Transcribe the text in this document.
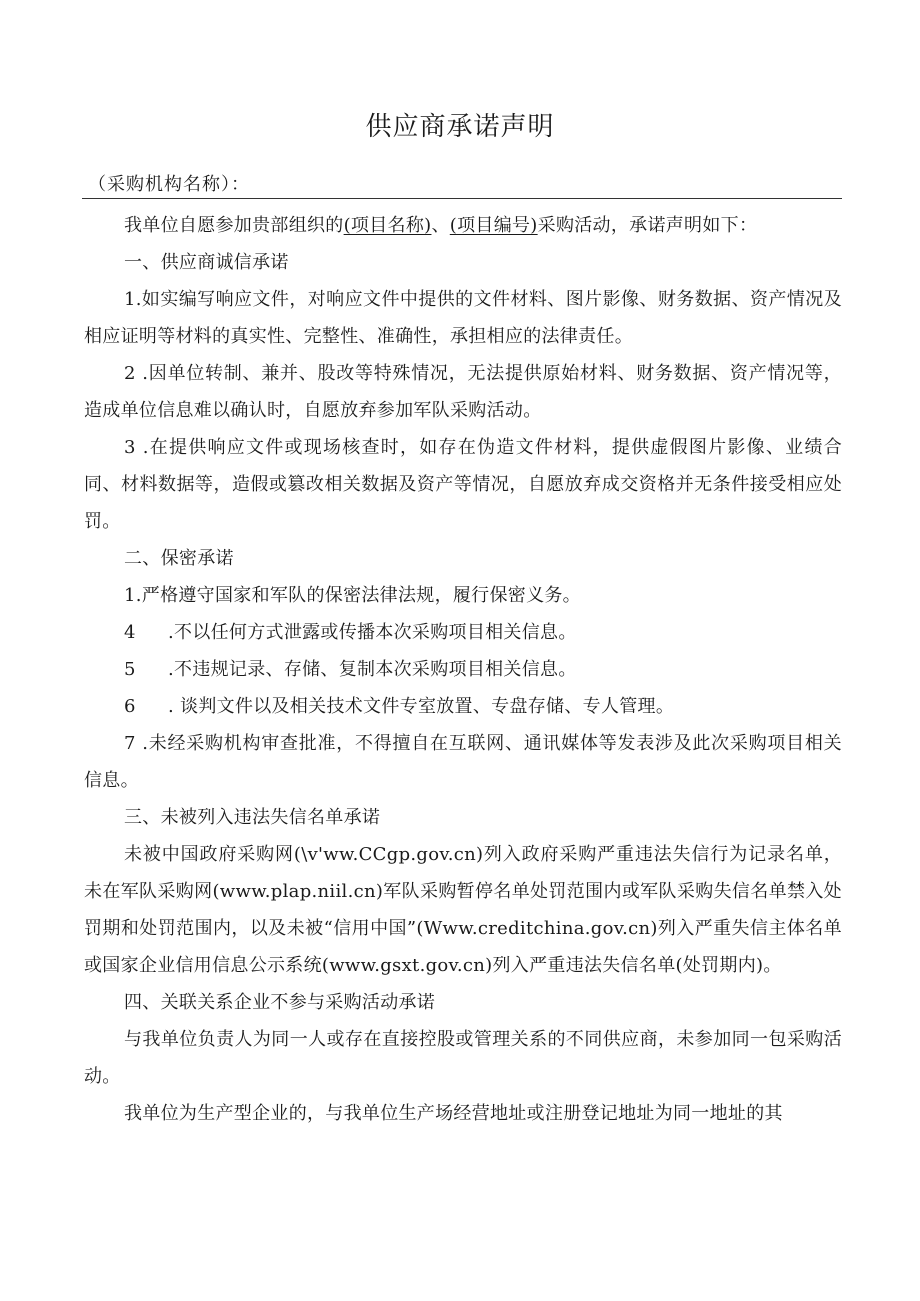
供应商承诺声明
（采购机构名称）：

我单位自愿参加贵部组织的(项目名称)、(项目编号)采购活动，承诺声明如下：

一、供应商诚信承诺

1.如实编写响应文件，对响应文件中提供的文件材料、图片影像、财务数据、资产情况及相应证明等材料的真实性、完整性、准确性，承担相应的法律责任。

2 .因单位转制、兼并、股改等特殊情况，无法提供原始材料、财务数据、资产情况等，造成单位信息难以确认时，自愿放弃参加军队采购活动。

3 .在提供响应文件或现场核查时，如存在伪造文件材料，提供虚假图片影像、业绩合同、材料数据等，造假或篡改相关数据及资产等情况，自愿放弃成交资格并无条件接受相应处罚。

二、保密承诺

1.严格遵守国家和军队的保密法律法规，履行保密义务。

4 .不以任何方式泄露或传播本次采购项目相关信息。

5 .不违规记录、存储、复制本次采购项目相关信息。

6 . 谈判文件以及相关技术文件专室放置、专盘存储、专人管理。

7 .未经采购机构审查批准，不得擅自在互联网、通讯媒体等发表涉及此次采购项目相关信息。

三、未被列入违法失信名单承诺

未被中国政府采购网(\v'ww.CCgp.gov.cn)列入政府采购严重违法失信行为记录名单，未在军队采购网(www.plap.niil.cn)军队采购暂停名单处罚范围内或军队采购失信名单禁入处罚期和处罚范围内，以及未被“信用中国”(Www.creditchina.gov.cn)列入严重失信主体名单或国家企业信用信息公示系统(www.gsxt.gov.cn)列入严重违法失信名单(处罚期内)。

四、关联关系企业不参与采购活动承诺

与我单位负责人为同一人或存在直接控股或管理关系的不同供应商，未参加同一包采购活动。

我单位为生产型企业的，与我单位生产场经营地址或注册登记地址为同一地址的其
